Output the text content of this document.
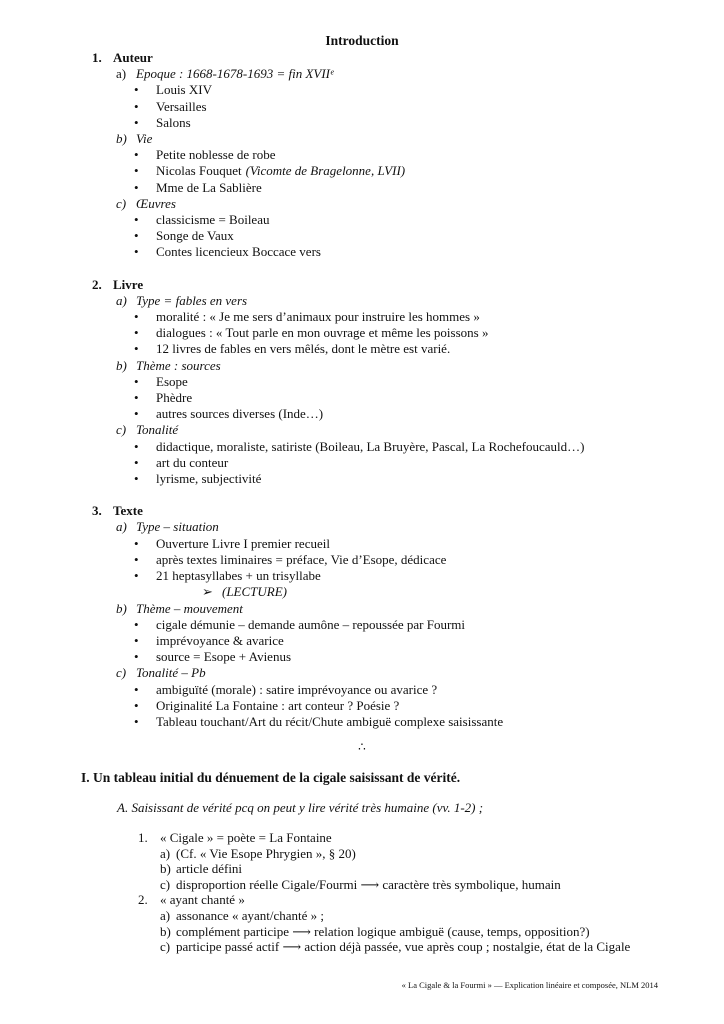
Introduction
1. Auteur
a) Epoque : 1668-1678-1693 = fin XVIIᵉ
•	Louis XIV
•	Versailles
•	Salons
b) Vie
•	Petite noblesse de robe
•	Nicolas Fouquet (Vicomte de Bragelonne, LVII)
•	Mme de La Sablière
c) Œuvres
•	classicisme = Boileau
•	Songe de Vaux
•	Contes licencieux Boccace vers
2. Livre
a) Type = fables en vers
•	moralité : « Je me sers d’animaux pour instruire les hommes »
•	dialogues : « Tout parle en mon ouvrage et même les poissons »
•	12 livres de fables en vers mêlés, dont le mètre est varié.
b) Thème : sources
•	Esope
•	Phèdre
•	autres sources diverses (Inde…)
c) Tonalité
•	didactique, moraliste, satiriste (Boileau, La Bruyère, Pascal, La Rochefoucauld…)
•	art du conteur
•	lyrisme, subjectivité
3. Texte
a) Type – situation
•	Ouverture Livre I premier recueil
•	après textes liminaires = préface, Vie d’Esope, dédicace
•	21 heptasyllabes + un trisyllabe
➢ (LECTURE)
b) Thème – mouvement
•	cigale démunie – demande aumône – repoussée par Fourmi
•	imprévoyance & avarice
•	source = Esope + Avienus
c) Tonalité – Pb
•	ambiguïté (morale) : satire imprévoyance ou avarice ?
•	Originalité La Fontaine : art conteur ? Poésie ?
•	Tableau touchant/Art du récit/Chute ambiguë complexe saisissante
∴
I. Un tableau initial du dénuement de la cigale saisissant de vérité.
A. Saisissant de vérité pcq on peut y lire vérité très humaine (vv. 1-2) ;
1. « Cigale » = poète = La Fontaine
a) (Cf. « Vie Esope Phrygien », § 20)
b) article défini
c) disproportion réelle Cigale/Fourmi ⟶ caractère très symbolique, humain
2. « ayant chanté »
a) assonance « ayant/chanté » ;
b) complément participe ⟶ relation logique ambiguë (cause, temps, opposition?)
c) participe passé actif ⟶ action déjà passée, vue après coup ; nostalgie, état de la Cigale
« La Cigale & la Fourmi » — Explication linéaire et composée, NLM 2014
